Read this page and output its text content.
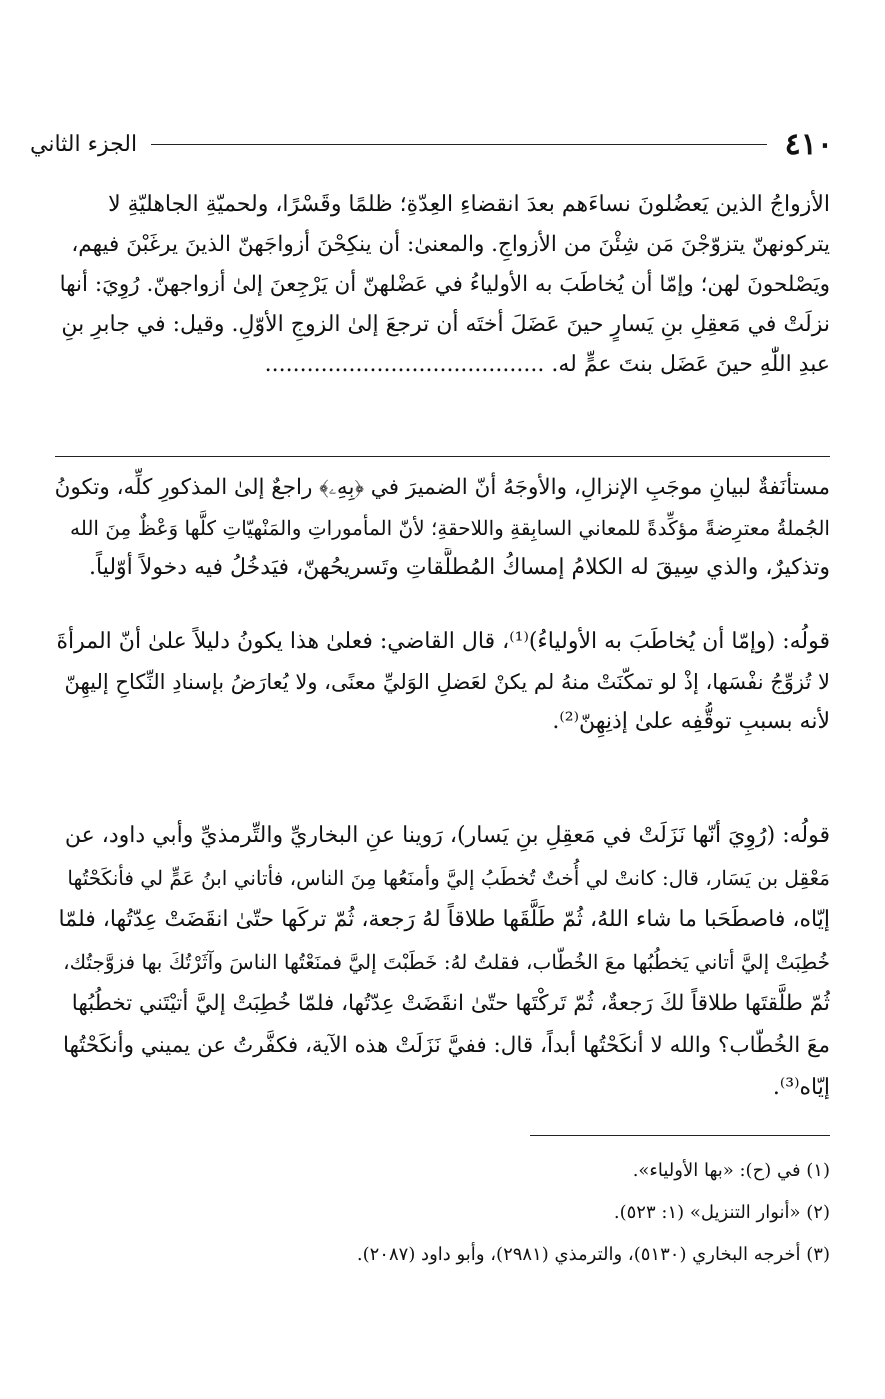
٤١٠
الجزء الثاني
الأزواجُ الذين يَعضُلونَ نساءَهم بعدَ انقضاءِ العِدّةِ؛ ظلمًا وقَسْرًا، ولحميّةِ الجاهليّةِ لا
يتركونهنّ يتزوّجْنَ مَن شِئْنَ من الأزواجِ. والمعنىٰ: أن ينكِحْنَ أزواجَهنّ الذينَ يرغَبْنَ فيهم،
ويَصْلحونَ لهن؛ وإمّا أن يُخاطَبَ به الأولياءُ في عَضْلهنّ أن يَرْجِعنَ إلىٰ أزواجهنّ. رُوِيَ: أنها
نزلَتْ في مَعقِلِ بنِ يَسارٍ حينَ عَضَلَ أختَه أن ترجعَ إلىٰ الزوجِ الأوّلِ. وقيل: في جابرِ بنِ
عبدِ اللّٰهِ حينَ عَضَل بنتَ عمٍّ له. ........................................
مستأنَفةٌ لبيانِ موجَبِ الإنزالِ، والأوجَهُ أنّ الضميرَ في ﴿بِهِۦ﴾ راجعٌ إلىٰ المذكورِ كلِّه، وتكونُ
الجُملةُ معترِضةً مؤكِّدةً للمعاني السابِقةِ واللاحقةِ؛ لأنّ المأموراتِ والمَنْهيّاتِ كلَّها وَعْظٌ مِنَ الله
وتذكيرٌ، والذي سِيقَ له الكلامُ إمساكُ المُطلَّقاتِ وتَسريحُهنّ، فيَدخُلُ فيه دخولاً أوّلياً.
قولُه: (وإمّا أن يُخاطَبَ به الأولياءُ)⁽¹⁾، قال القاضي: فعلىٰ هذا يكونُ دليلاً علىٰ أنّ المرأةَ
لا تُزوِّجُ نفْسَها، إذْ لو تمكّنَتْ منهُ لم يكنْ لعَضلِ الوَليِّ معنًى، ولا يُعارَضُ بإسنادِ النِّكاحِ إليهِنّ
لأنه بسببِ توقُّفِه علىٰ إذنِهِنّ⁽²⁾.
قولُه: (رُوِيَ أنّها نَزَلَتْ في مَعقِلِ بنِ يَسار)، رَوينا عنِ البخاريِّ والتِّرمذيِّ وأبي داود، عن
مَعْقِل بن يَسَار، قال: كانتْ لي أُختٌ تُخطَبُ إليَّ وأمنَعُها مِنَ الناس، فأتاني ابنُ عَمٍّ لي فأنكَحْتُها
إيّاه، فاصطَحَبا ما شاء اللهُ، ثُمّ طَلَّقَها طلاقاً لهُ رَجعة، ثُمّ تركَها حتّىٰ انقَضَتْ عِدّتُها، فلمّا
خُطِبَتْ إليَّ أتاني يَخطُبُها معَ الخُطّاب، فقلتُ لهُ: خَطَبْتَ إليَّ فمنَعْتُها الناسَ وآثَرْتُكَ بها فزوَّجتُك،
ثُمّ طلَّقتَها طلاقاً لكَ رَجعةٌ، ثُمّ تَركْتَها حتّىٰ انقَضَتْ عِدّتُها، فلمّا خُطِبَتْ إليَّ أتيْتَني تخطُبُها
معَ الخُطّاب؟ والله لا أنكَحْتُها أبداً، قال: ففيَّ نَزَلَتْ هذه الآية، فكفَّرتُ عن يميني وأنكَحْتُها
إيّاه⁽³⁾.
(١) في (ح): «بها الأولياء».
(٢) «أنوار التنزيل» (١: ٥٢٣).
(٣) أخرجه البخاري (٥١٣٠)، والترمذي (٢٩٨١)، وأبو داود (٢٠٨٧).
